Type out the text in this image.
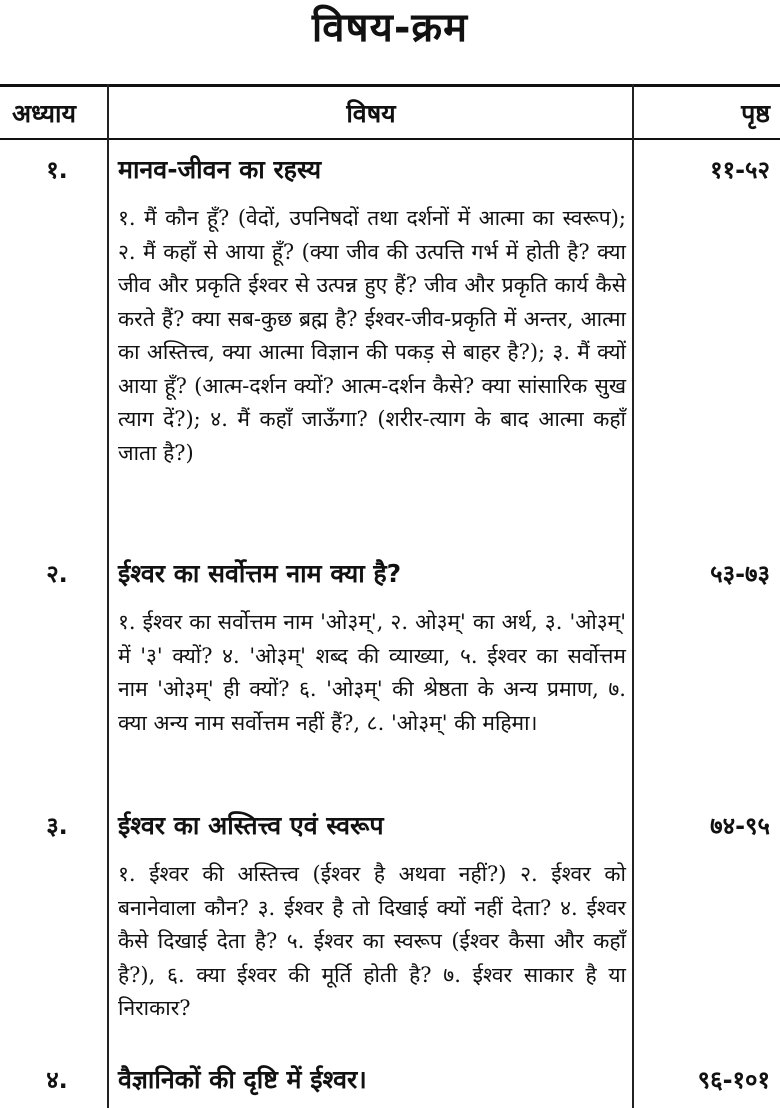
विषय-क्रम
अध्याय	विषय	पृष्ठ
१.	मानव-जीवन का रहस्य	११-५२
१. मैं कौन हूँ? (वेदों, उपनिषदों तथा दर्शनों में आत्मा का स्वरूप); २. मैं कहाँ से आया हूँ? (क्या जीव की उत्पत्ति गर्भ में होती है? क्या जीव और प्रकृति ईश्वर से उत्पन्न हुए हैं? जीव और प्रकृति कार्य कैसे करते हैं? क्या सब-कुछ ब्रह्म है? ईश्वर-जीव-प्रकृति में अन्तर, आत्मा का अस्तित्त्व, क्या आत्मा विज्ञान की पकड़ से बाहर है?); ३. मैं क्यों आया हूँ? (आत्म-दर्शन क्यों? आत्म-दर्शन कैसे? क्या सांसारिक सुख त्याग दें?); ४. मैं कहाँ जाऊँगा? (शरीर-त्याग के बाद आत्मा कहाँ जाता है?)
२.	ईश्वर का सर्वोत्तम नाम क्या है?	५३-७३
१. ईश्वर का सर्वोत्तम नाम 'ओ३म्', २. ओ३म्' का अर्थ, ३. 'ओ३म्' में '३' क्यों? ४. 'ओ३म्' शब्द की व्याख्या, ५. ईश्वर का सर्वोत्तम नाम 'ओ३म्' ही क्यों? ६. 'ओ३म्' की श्रेष्ठता के अन्य प्रमाण, ७. क्या अन्य नाम सर्वोत्तम नहीं हैं?, ८. 'ओ३म्' की महिमा।
३.	ईश्वर का अस्तित्त्व एवं स्वरूप	७४-९५
१. ईश्वर की अस्तित्त्व (ईश्वर है अथवा नहीं?) २. ईश्वर को बनानेवाला कौन? ३. ईश्वर है तो दिखाई क्यों नहीं देता? ४. ईश्वर कैसे दिखाई देता है? ५. ईश्वर का स्वरूप (ईश्वर कैसा और कहाँ है?), ६. क्या ईश्वर की मूर्ति होती है? ७. ईश्वर साकार है या निराकार?
४.	वैज्ञानिकों की दृष्टि में ईश्वर।	९६-१०१
